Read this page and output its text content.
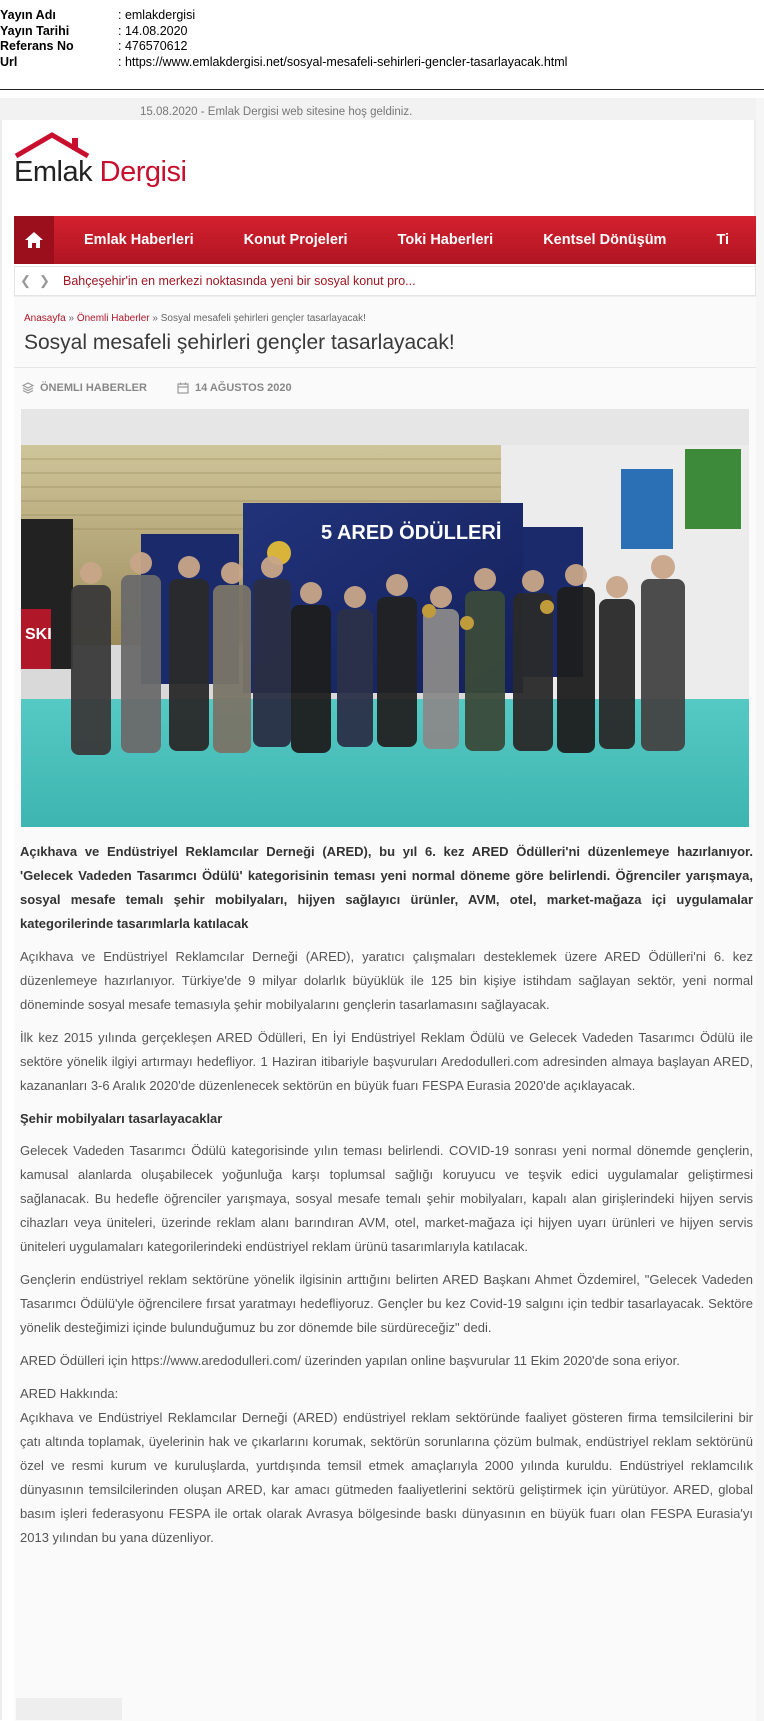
Yayın Adı	: emlakdergisi
Yayın Tarihi	: 14.08.2020
Referans No	: 476570612
Url	: https://www.emlakdergisi.net/sosyal-mesafeli-sehirleri-gencler-tasarlayacak.html
15.08.2020 - Emlak Dergisi web sitesine hoş geldiniz.
Emlak Dergisi
Emlak Haberleri	Konut Projeleri	Toki Haberleri	Kentsel Dönüşüm	Ti
❮ ❯	Bahçeşehir'in en merkezi noktasında yeni bir sosyal konut pro...
Anasayfa » Önemli Haberler » Sosyal mesafeli şehirleri gençler tasarlayacak!
Sosyal mesafeli şehirleri gençler tasarlayacak!
ÖNEMLI HABERLER	14 AĞUSTOS 2020
SKI
5 ARED ÖDÜLLERİ

Açıkhava ve Endüstriyel Reklamcılar Derneği (ARED), bu yıl 6. kez ARED Ödülleri'ni düzenlemeye hazırlanıyor. 'Gelecek Vadeden Tasarımcı Ödülü' kategorisinin teması yeni normal döneme göre belirlendi. Öğrenciler yarışmaya, sosyal mesafe temalı şehir mobilyaları, hijyen sağlayıcı ürünler, AVM, otel, market-mağaza içi uygulamalar kategorilerinde tasarımlarla katılacak

Açıkhava ve Endüstriyel Reklamcılar Derneği (ARED), yaratıcı çalışmaları desteklemek üzere ARED Ödülleri'ni 6. kez düzenlemeye hazırlanıyor. Türkiye'de 9 milyar dolarlık büyüklük ile 125 bin kişiye istihdam sağlayan sektör, yeni normal döneminde sosyal mesafe temasıyla şehir mobilyalarını gençlerin tasarlamasını sağlayacak.

İlk kez 2015 yılında gerçekleşen ARED Ödülleri, En İyi Endüstriyel Reklam Ödülü ve Gelecek Vadeden Tasarımcı Ödülü ile sektöre yönelik ilgiyi artırmayı hedefliyor. 1 Haziran itibariyle başvuruları Aredodulleri.com adresinden almaya başlayan ARED, kazananları 3-6 Aralık 2020'de düzenlenecek sektörün en büyük fuarı FESPA Eurasia 2020'de açıklayacak.

Şehir mobilyaları tasarlayacaklar

Gelecek Vadeden Tasarımcı Ödülü kategorisinde yılın teması belirlendi. COVID-19 sonrası yeni normal dönemde gençlerin, kamusal alanlarda oluşabilecek yoğunluğa karşı toplumsal sağlığı koruyucu ve teşvik edici uygulamalar geliştirmesi sağlanacak. Bu hedefle öğrenciler yarışmaya, sosyal mesafe temalı şehir mobilyaları, kapalı alan girişlerindeki hijyen servis cihazları veya üniteleri, üzerinde reklam alanı barındıran AVM, otel, market-mağaza içi hijyen uyarı ürünleri ve hijyen servis üniteleri uygulamaları kategorilerindeki endüstriyel reklam ürünü tasarımlarıyla katılacak.

Gençlerin endüstriyel reklam sektörüne yönelik ilgisinin arttığını belirten ARED Başkanı Ahmet Özdemirel, "Gelecek Vadeden Tasarımcı Ödülü'yle öğrencilere fırsat yaratmayı hedefliyoruz. Gençler bu kez Covid-19 salgını için tedbir tasarlayacak. Sektöre yönelik desteğimizi içinde bulunduğumuz bu zor dönemde bile sürdüreceğiz" dedi.

ARED Ödülleri için https://www.aredodulleri.com/ üzerinden yapılan online başvurular 11 Ekim 2020'de sona eriyor.

ARED Hakkında:

Açıkhava ve Endüstriyel Reklamcılar Derneği (ARED) endüstriyel reklam sektöründe faaliyet gösteren firma temsilcilerini bir çatı altında toplamak, üyelerinin hak ve çıkarlarını korumak, sektörün sorunlarına çözüm bulmak, endüstriyel reklam sektörünü özel ve resmi kurum ve kuruluşlarda, yurtdışında temsil etmek amaçlarıyla 2000 yılında kuruldu. Endüstriyel reklamcılık dünyasının temsilcilerinden oluşan ARED, kar amacı gütmeden faaliyetlerini sektörü geliştirmek için yürütüyor. ARED, global basım işleri federasyonu FESPA ile ortak olarak Avrasya bölgesinde baskı dünyasının en büyük fuarı olan FESPA Eurasia'yı 2013 yılından bu yana düzenliyor.
